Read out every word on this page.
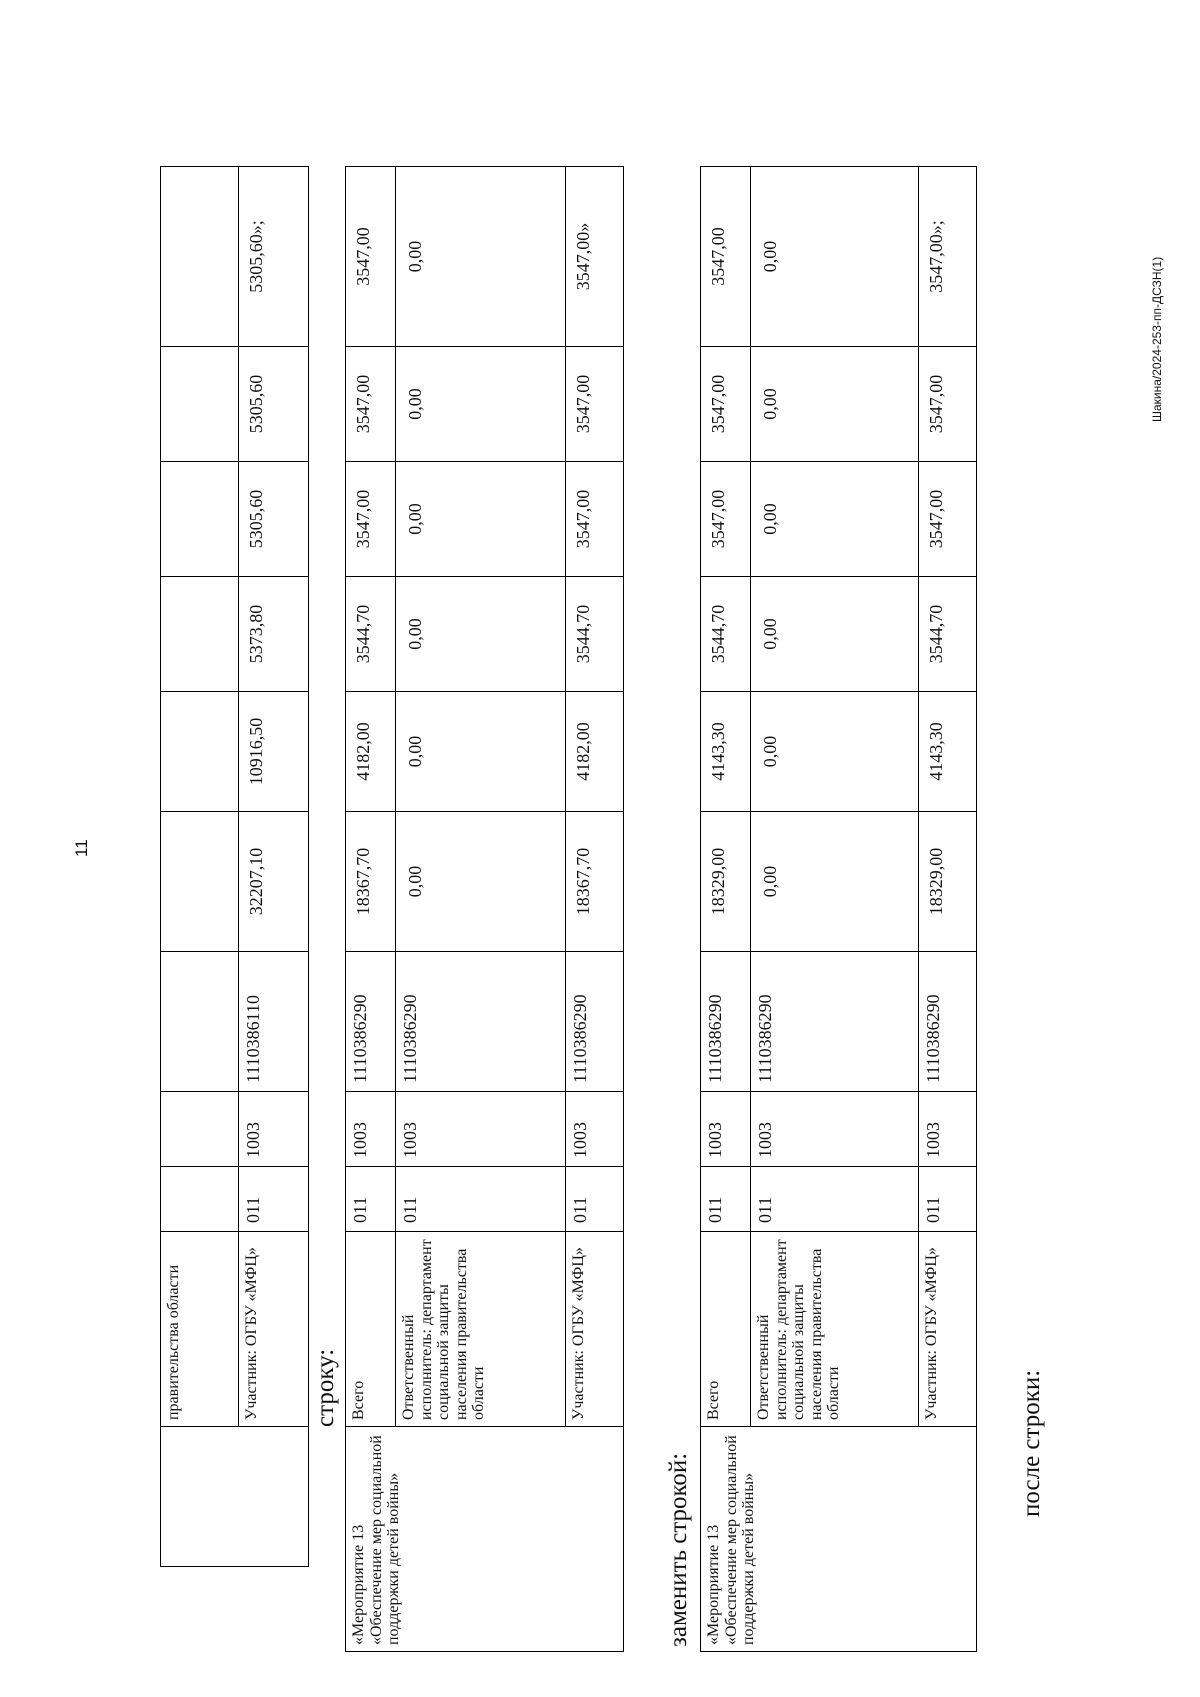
11
	правительства области									
	Участник: ОГБУ «МФЦ»	011	1003	1110386110	32207,10	10916,50	5373,80	5305,60	5305,60	5305,60»;
строку:
«Мероприятие 13 «Обеспечение мер социальной поддержки детей войны»	Всего	011	1003	1110386290	18367,70	4182,00	3544,70	3547,00	3547,00	3547,00
	Ответственный исполнитель: департамент социальной защиты населения правительства области	011	1003	1110386290	0,00	0,00	0,00	0,00	0,00	0,00
	Участник: ОГБУ «МФЦ»	011	1003	1110386290	18367,70	4182,00	3544,70	3547,00	3547,00	3547,00»
заменить строкой: «Мероприятие 13 «Обеспечение мер социальной поддержки детей войны»	Всего	011	1003	1110386290	18329,00	4143,30	3544,70	3547,00	3547,00	3547,00
	Ответственный исполнитель: департамент социальной защиты населения правительства области	011	1003	1110386290	0,00	0,00	0,00	0,00	0,00	0,00
	Участник: ОГБУ «МФЦ»	011	1003	1110386290	18329,00	4143,30	3544,70	3547,00	3547,00	3547,00»;
после строки:
Шакина/2024-253-пп-ДСЗН(1)
